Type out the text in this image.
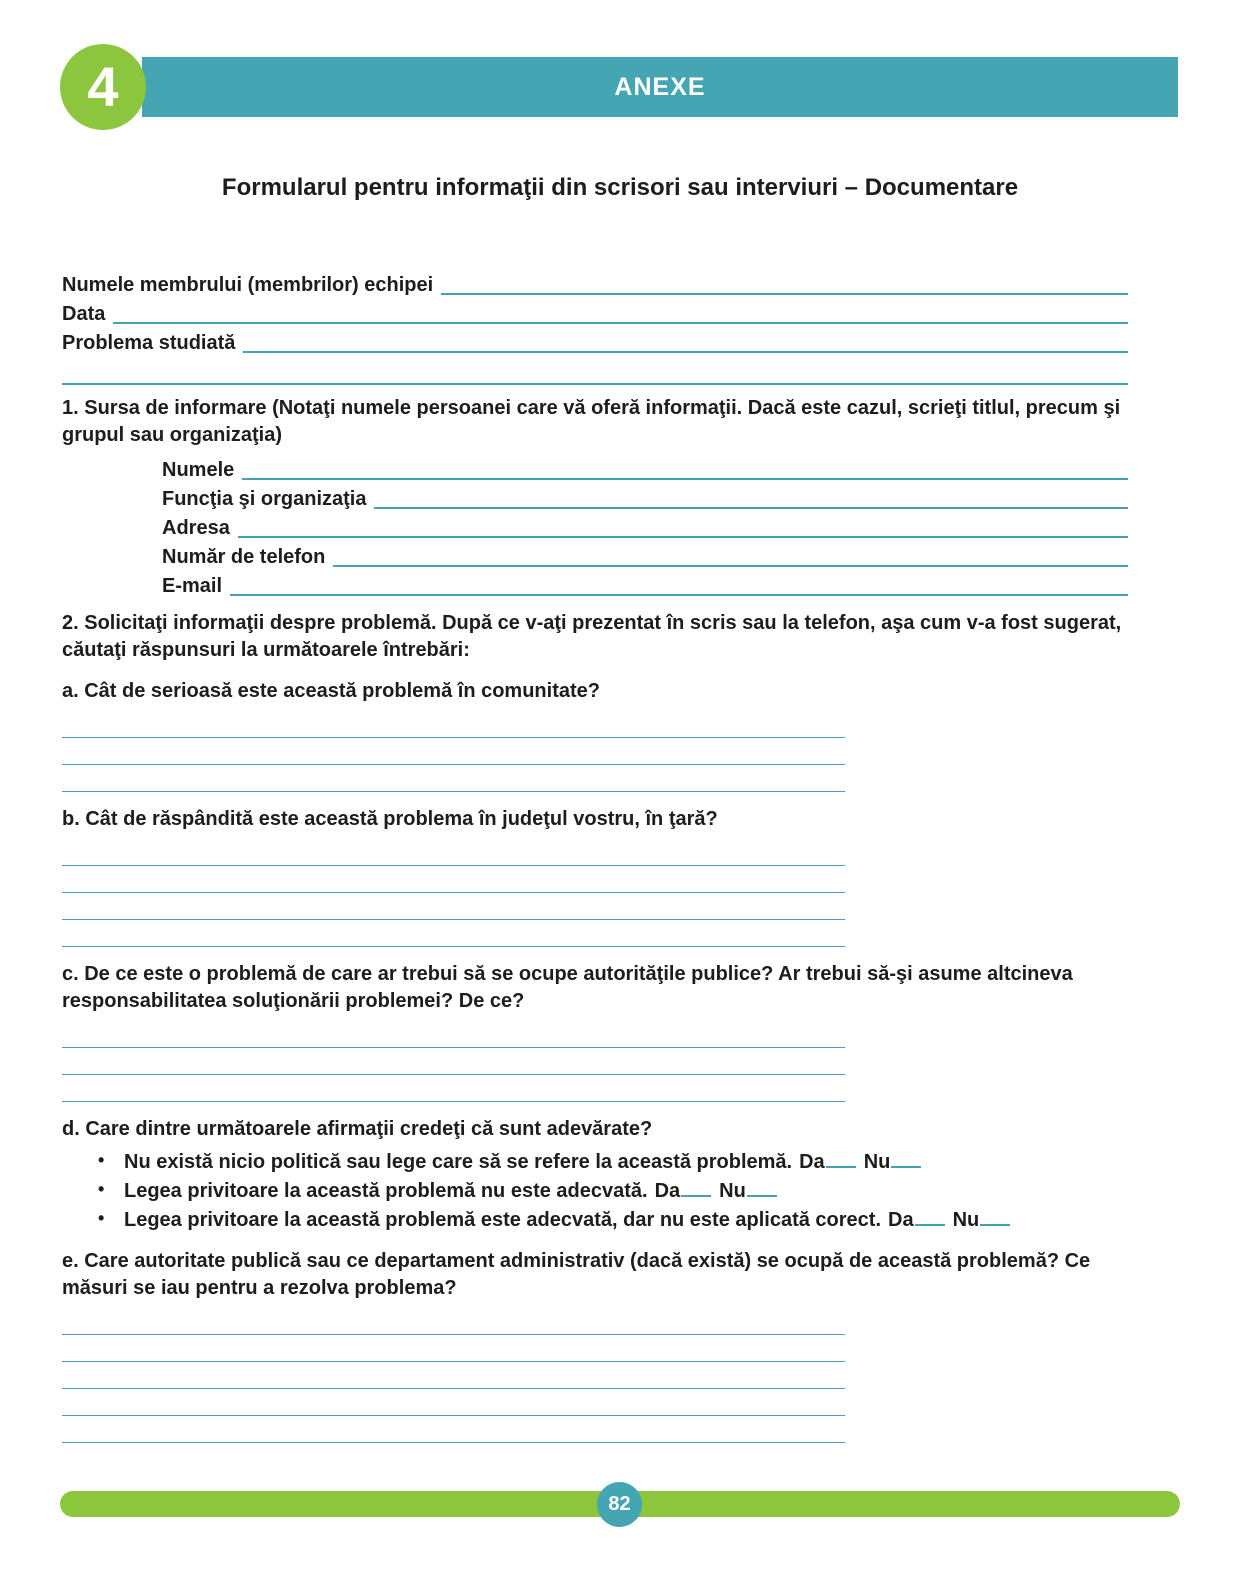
4	ANEXE
Formularul pentru informaţii din scrisori sau interviuri – Documentare
Numele membrului (membrilor) echipei
Data
Problema studiată

1. Sursa de informare (Notaţi numele persoanei care vă oferă informaţii. Dacă este cazul, scrieţi titlul, precum şi grupul sau organizaţia)

Numele
Funcţia şi organizaţia
Adresa
Număr de telefon
E-mail

2. Solicitaţi informaţii despre problemă. După ce v-aţi prezentat în scris sau la telefon, aşa cum v-a fost sugerat, căutaţi răspunsuri la următoarele întrebări:

a. Cât de serioasă este această problemă în comunitate?

b. Cât de răspândită este această problema în judeţul vostru, în ţară?

c. De ce este o problemă de care ar trebui să se ocupe autorităţile publice? Ar trebui să-şi asume altcineva responsabilitatea soluţionării problemei? De ce?

d. Care dintre următoarele afirmaţii credeţi că sunt adevărate?

• Nu există nicio politică sau lege care să se refere la această problemă. Da Nu
• Legea privitoare la această problemă nu este adecvată. Da Nu
• Legea privitoare la această problemă este adecvată, dar nu este aplicată corect. Da Nu

e. Care autoritate publică sau ce departament administrativ (dacă există) se ocupă de această problemă? Ce măsuri se iau pentru a rezolva problema?

82
